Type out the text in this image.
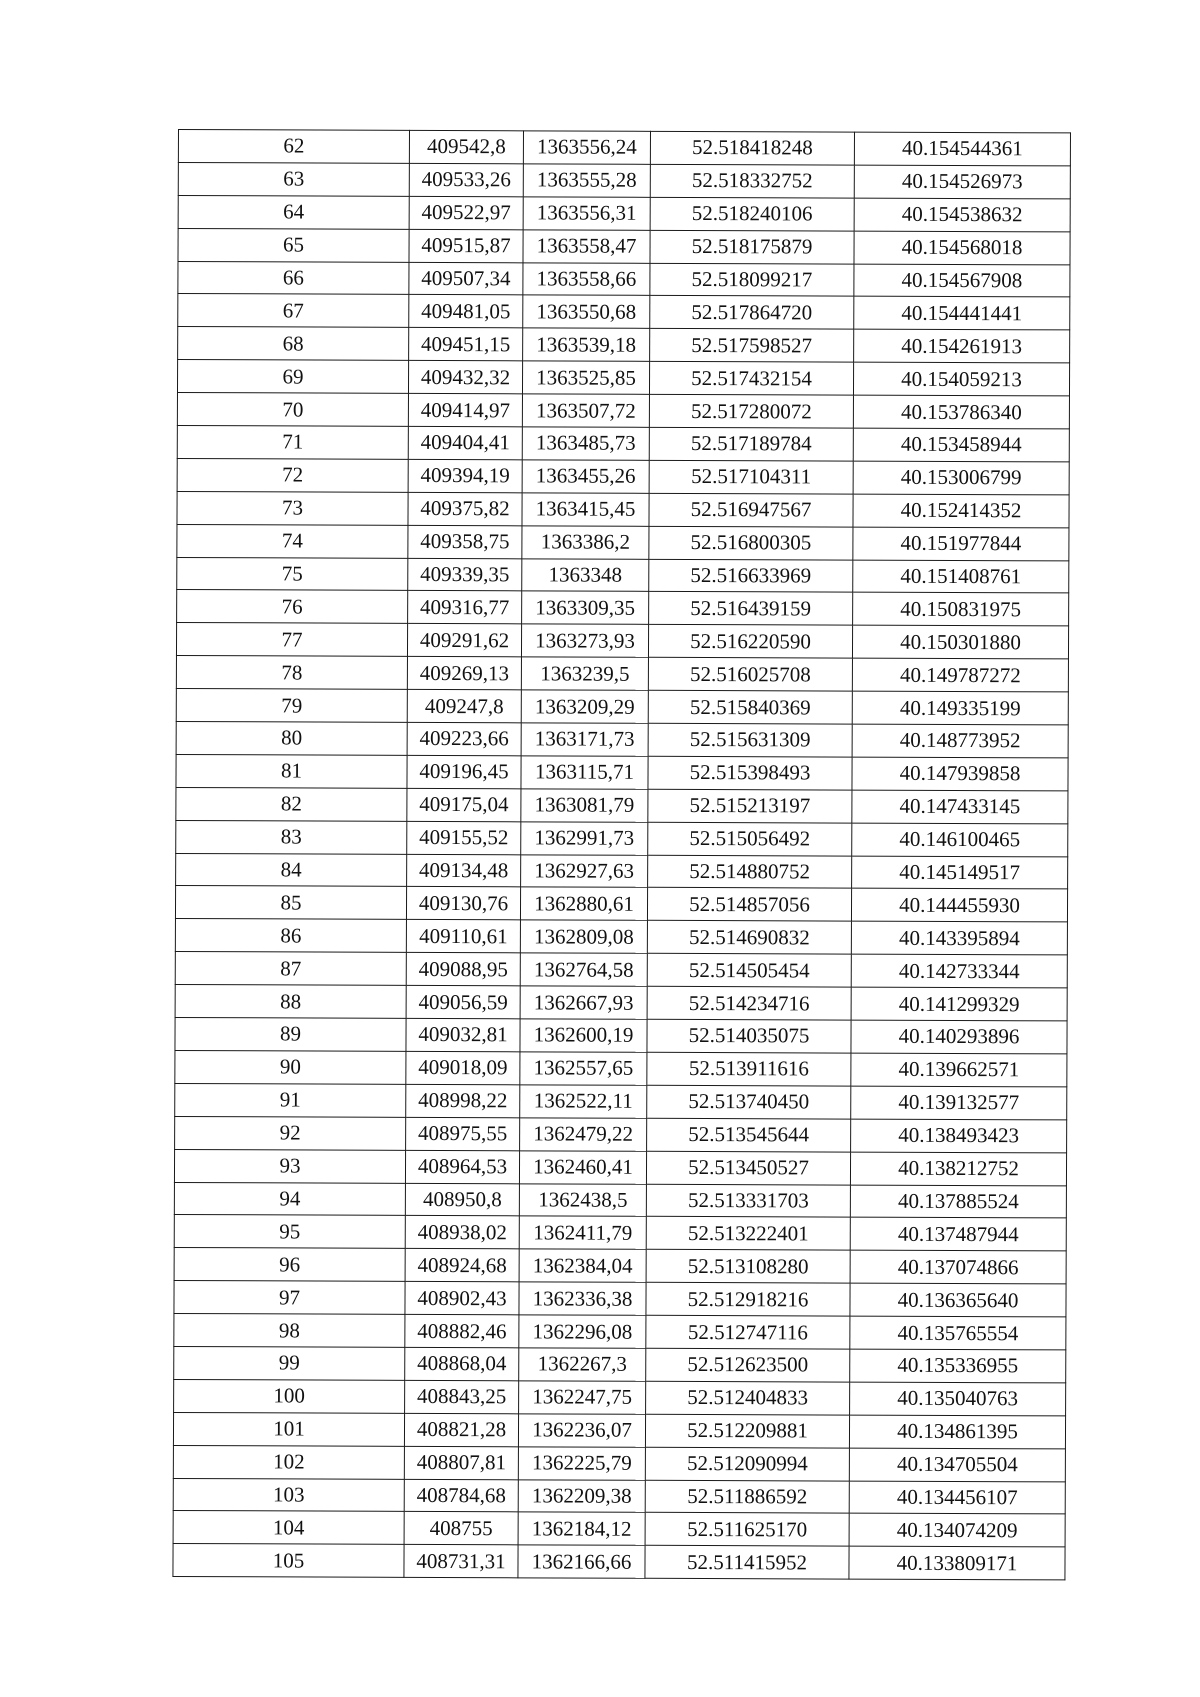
62	409542,8	1363556,24	52.518418248	40.154544361
63	409533,26	1363555,28	52.518332752	40.154526973
64	409522,97	1363556,31	52.518240106	40.154538632
65	409515,87	1363558,47	52.518175879	40.154568018
66	409507,34	1363558,66	52.518099217	40.154567908
67	409481,05	1363550,68	52.517864720	40.154441441
68	409451,15	1363539,18	52.517598527	40.154261913
69	409432,32	1363525,85	52.517432154	40.154059213
70	409414,97	1363507,72	52.517280072	40.153786340
71	409404,41	1363485,73	52.517189784	40.153458944
72	409394,19	1363455,26	52.517104311	40.153006799
73	409375,82	1363415,45	52.516947567	40.152414352
74	409358,75	1363386,2	52.516800305	40.151977844
75	409339,35	1363348	52.516633969	40.151408761
76	409316,77	1363309,35	52.516439159	40.150831975
77	409291,62	1363273,93	52.516220590	40.150301880
78	409269,13	1363239,5	52.516025708	40.149787272
79	409247,8	1363209,29	52.515840369	40.149335199
80	409223,66	1363171,73	52.515631309	40.148773952
81	409196,45	1363115,71	52.515398493	40.147939858
82	409175,04	1363081,79	52.515213197	40.147433145
83	409155,52	1362991,73	52.515056492	40.146100465
84	409134,48	1362927,63	52.514880752	40.145149517
85	409130,76	1362880,61	52.514857056	40.144455930
86	409110,61	1362809,08	52.514690832	40.143395894
87	409088,95	1362764,58	52.514505454	40.142733344
88	409056,59	1362667,93	52.514234716	40.141299329
89	409032,81	1362600,19	52.514035075	40.140293896
90	409018,09	1362557,65	52.513911616	40.139662571
91	408998,22	1362522,11	52.513740450	40.139132577
92	408975,55	1362479,22	52.513545644	40.138493423
93	408964,53	1362460,41	52.513450527	40.138212752
94	408950,8	1362438,5	52.513331703	40.137885524
95	408938,02	1362411,79	52.513222401	40.137487944
96	408924,68	1362384,04	52.513108280	40.137074866
97	408902,43	1362336,38	52.512918216	40.136365640
98	408882,46	1362296,08	52.512747116	40.135765554
99	408868,04	1362267,3	52.512623500	40.135336955
100	408843,25	1362247,75	52.512404833	40.135040763
101	408821,28	1362236,07	52.512209881	40.134861395
102	408807,81	1362225,79	52.512090994	40.134705504
103	408784,68	1362209,38	52.511886592	40.134456107
104	408755	1362184,12	52.511625170	40.134074209
105	408731,31	1362166,66	52.511415952	40.133809171
